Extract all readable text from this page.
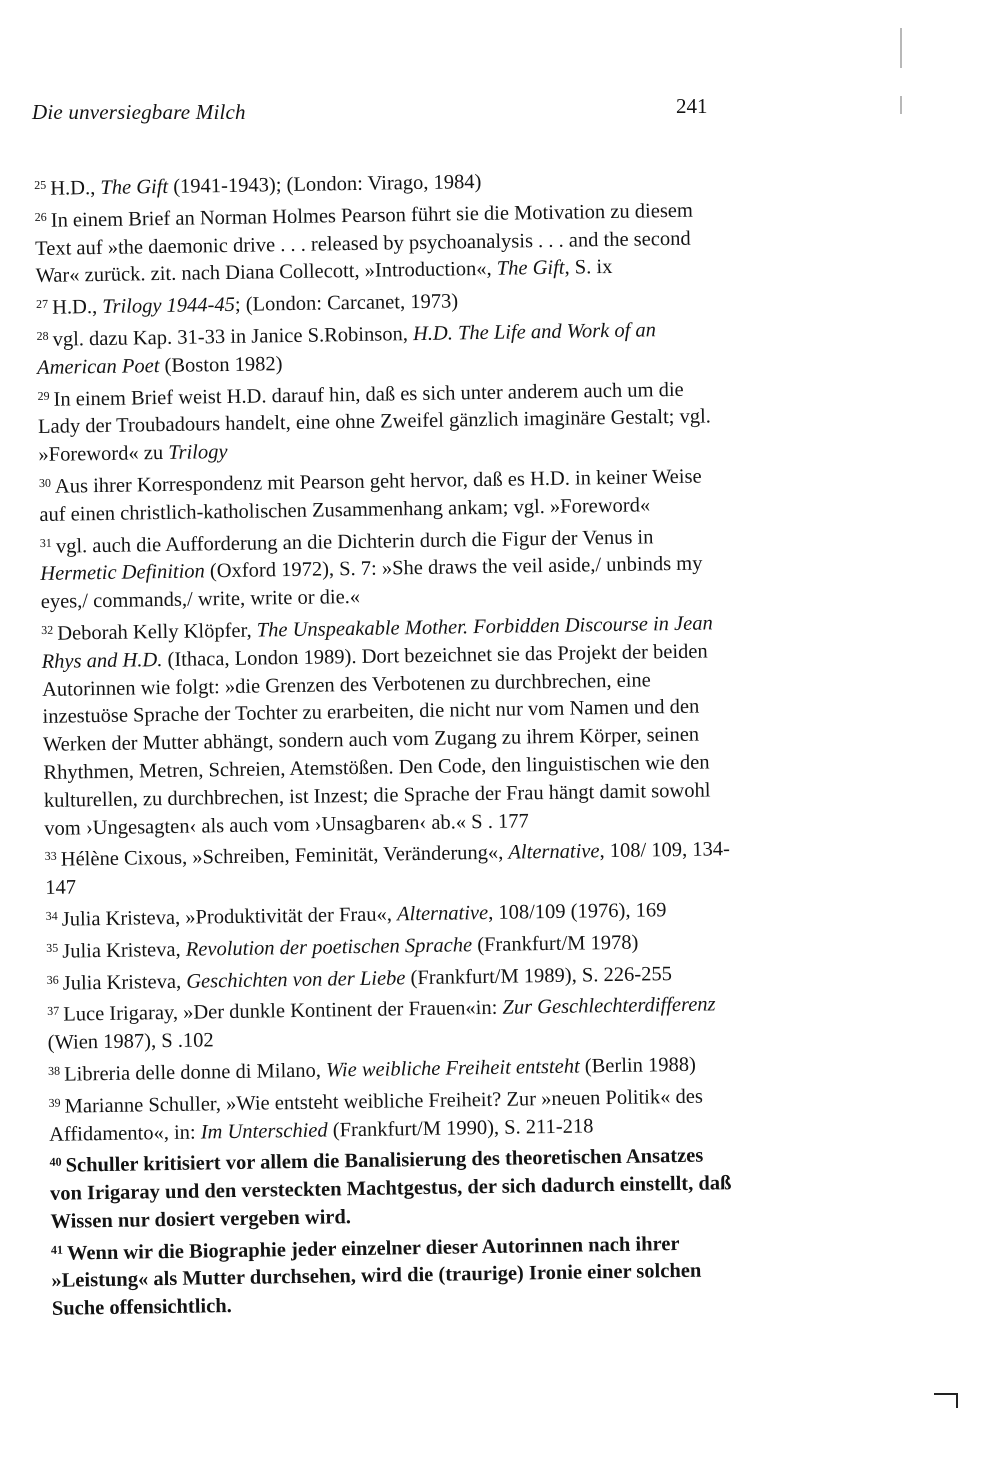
Die unversiegbare Milch	241

$^{25}$ H.D., The Gift (1941-1943); (London: Virago, 1984)

$^{26}$ In einem Brief an Norman Holmes Pearson führt sie die Motivation zu diesem Text auf »the daemonic drive . . . released by psychoanalysis . . . and the second War« zurück. zit. nach Diana Collecott, »Introduction«, The Gift, S. ix

$^{27}$ H.D., Trilogy 1944-45; (London: Carcanet, 1973)

$^{28}$ vgl. dazu Kap. 31-33 in Janice S.Robinson, H.D. The Life and Work of an American Poet (Boston 1982)

$^{29}$ In einem Brief weist H.D. darauf hin, daß es sich unter anderem auch um die Lady der Troubadours handelt, eine ohne Zweifel gänzlich imaginäre Gestalt; vgl. »Foreword« zu Trilogy

$^{30}$ Aus ihrer Korrespondenz mit Pearson geht hervor, daß es H.D. in keiner Weise auf einen christlich-katholischen Zusammenhang ankam; vgl. »Foreword«

$^{31}$ vgl. auch die Aufforderung an die Dichterin durch die Figur der Venus in Hermetic Definition (Oxford 1972), S. 7: »She draws the veil aside,/ unbinds my eyes,/ commands,/ write, write or die.«

$^{32}$ Deborah Kelly Klöpfer, The Unspeakable Mother. Forbidden Discourse in Jean Rhys and H.D. (Ithaca, London 1989). Dort bezeichnet sie das Projekt der beiden Autorinnen wie folgt: »die Grenzen des Verbotenen zu durchbrechen, eine inzestuöse Sprache der Tochter zu erarbeiten, die nicht nur vom Namen und den Werken der Mutter abhängt, sondern auch vom Zugang zu ihrem Körper, seinen Rhythmen, Metren, Schreien, Atemstößen. Den Code, den linguistischen wie den kulturellen, zu durchbrechen, ist Inzest; die Sprache der Frau hängt damit sowohl vom ›Ungesagten‹ als auch vom ›Unsagbaren‹ ab.« S . 177

$^{33}$ Hélène Cixous, »Schreiben, Feminität, Veränderung«, Alternative, 108/ 109, 134-147

$^{34}$ Julia Kristeva, »Produktivität der Frau«, Alternative, 108/109 (1976), 169

$^{35}$ Julia Kristeva, Revolution der poetischen Sprache (Frankfurt/M 1978)

$^{36}$ Julia Kristeva, Geschichten von der Liebe (Frankfurt/M 1989), S. 226-255

$^{37}$ Luce Irigaray, »Der dunkle Kontinent der Frauen«in: Zur Geschlechterdifferenz (Wien 1987), S .102

$^{38}$ Libreria delle donne di Milano, Wie weibliche Freiheit entsteht (Berlin 1988)

$^{39}$ Marianne Schuller, »Wie entsteht weibliche Freiheit? Zur »neuen Politik« des Affidamento«, in: Im Unterschied (Frankfurt/M 1990), S. 211-218

$^{40}$ Schuller kritisiert vor allem die Banalisierung des theoretischen Ansatzes von Irigaray und den versteckten Machtgestus, der sich dadurch einstellt, daß Wissen nur dosiert vergeben wird.

$^{41}$ Wenn wir die Biographie jeder einzelner dieser Autorinnen nach ihrer »Leistung« als Mutter durchsehen, wird die (traurige) Ironie einer solchen Suche offensichtlich.
